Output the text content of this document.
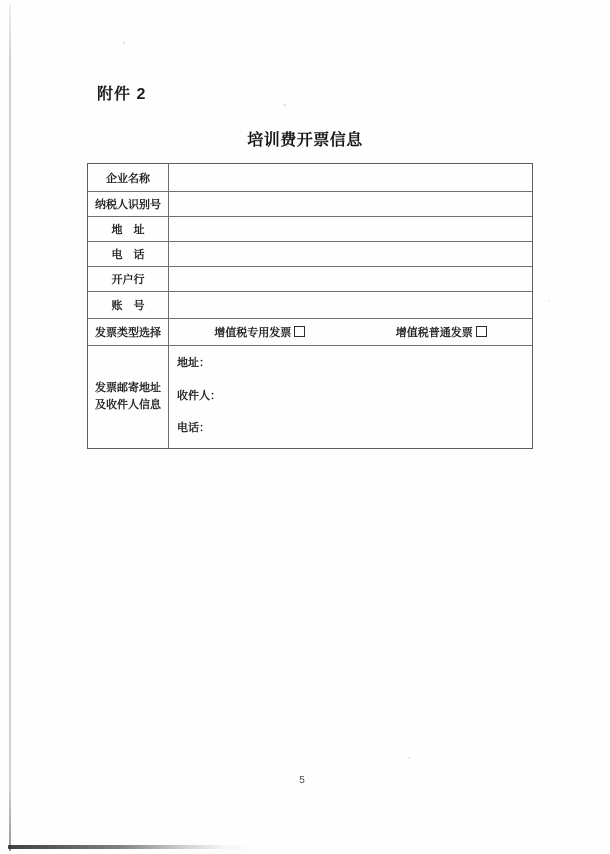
附件 2
培训费开票信息
企业名称
纳税人识别号
地　址
电　话
开户行
账　号
发票类型选择	增值税专用发票	增值税普通发票
发票邮寄地址
及收件人信息
地址：
收件人：
电话：
5
